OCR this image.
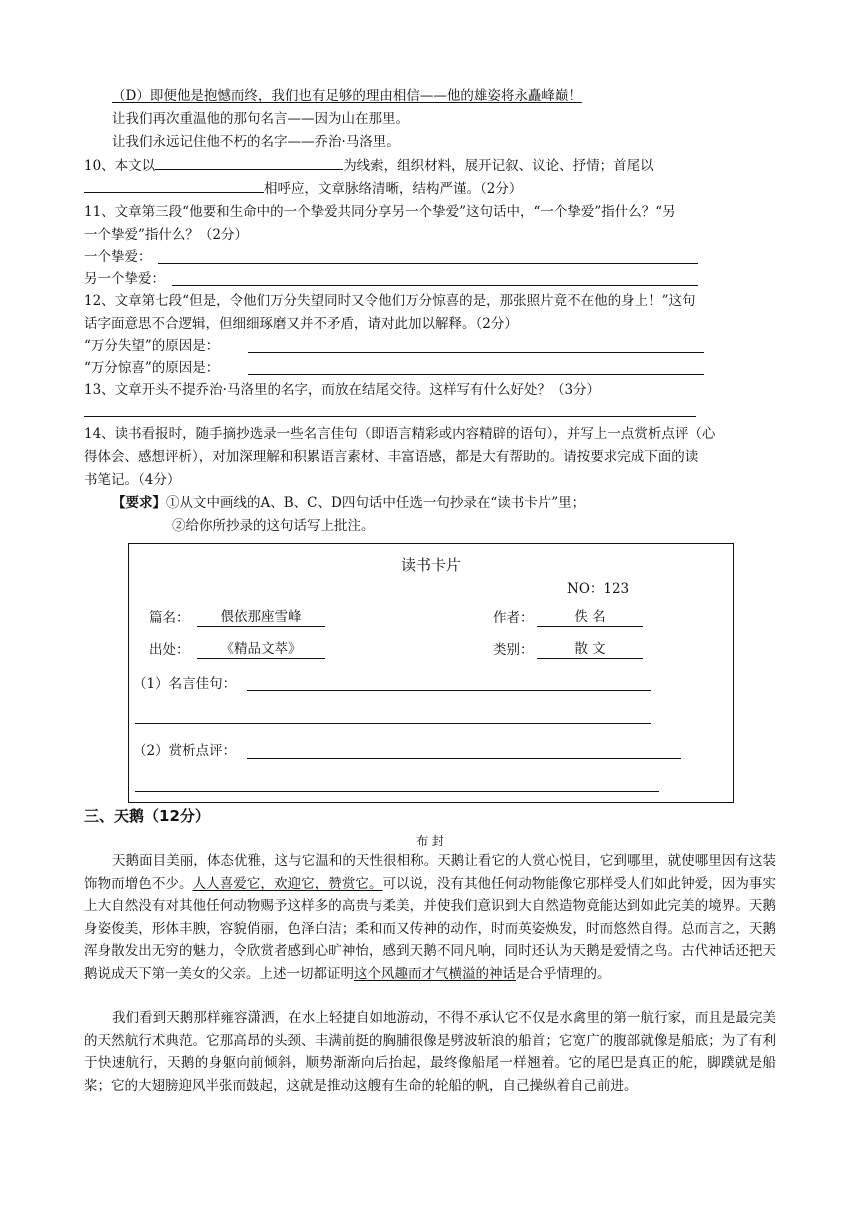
（D）即便他是抱憾而终，我们也有足够的理由相信——他的雄姿将永矗峰巅！
让我们再次重温他的那句名言——因为山在那里。
让我们永远记住他不朽的名字——乔治·马洛里。
10、本文以	为线索，组织材料，展开记叙、议论、抒情；首尾以
相呼应，文章脉络清晰，结构严谨。（2分）
11、文章第三段“他要和生命中的一个挚爱共同分享另一个挚爱”这句话中，“一个挚爱”指什么？“另
一个挚爱”指什么？（2分）
一个挚爱：
另一个挚爱：
12、文章第七段“但是，令他们万分失望同时又令他们万分惊喜的是，那张照片竟不在他的身上！”这句
话字面意思不合逻辑，但细细琢磨又并不矛盾，请对此加以解释。（2分）
“万分失望”的原因是：
“万分惊喜”的原因是：
13、文章开头不提乔治·马洛里的名字，而放在结尾交待。这样写有什么好处？（3分）
14、读书看报时，随手摘抄选录一些名言佳句（即语言精彩或内容精辟的语句），并写上一点赏析点评（心
得体会、感想评析），对加深理解和积累语言素材、丰富语感，都是大有帮助的。请按要求完成下面的读
书笔记。（4分）
【要求】①从文中画线的A、B、C、D四句话中任选一句抄录在“读书卡片”里；
②给你所抄录的这句话写上批注。
读书卡片
NO：123
篇名：	偎依那座雪峰	作者：	佚 名
出处：	《精品文萃》	类别：	散 文
（1）名言佳句：
（2）赏析点评：
三、天鹅（12分）
布 封
天鹅面目美丽，体态优雅，这与它温和的天性很相称。天鹅让看它的人赏心悦目，它到哪里，就使哪里因有这装饰物而增色不少。人人喜爱它，欢迎它，赞赏它。可以说，没有其他任何动物能像它那样受人们如此钟爱，因为事实上大自然没有对其他任何动物赐予这样多的高贵与柔美，并使我们意识到大自然造物竟能达到如此完美的境界。天鹅身姿俊美，形体丰腴，容貌俏丽，色泽白洁；柔和而又传神的动作，时而英姿焕发，时而悠然自得。总而言之，天鹅浑身散发出无穷的魅力，令欣赏者感到心旷神怡，感到天鹅不同凡响，同时还认为天鹅是爱情之鸟。古代神话还把天鹅说成天下第一美女的父亲。上述一切都证明这个风趣而才气横溢的神话是合乎情理的。
我们看到天鹅那样雍容潇洒，在水上轻捷自如地游动，不得不承认它不仅是水禽里的第一航行家，而且是最完美的天然航行术典范。它那高昂的头颈、丰满前挺的胸脯很像是劈波斩浪的船首；它宽广的腹部就像是船底；为了有利于快速航行，天鹅的身躯向前倾斜，顺势渐渐向后抬起，最终像船尾一样翘着。它的尾巴是真正的舵，脚蹼就是船桨；它的大翅膀迎风半张而鼓起，这就是推动这艘有生命的轮船的帆，自己操纵着自己前进。
